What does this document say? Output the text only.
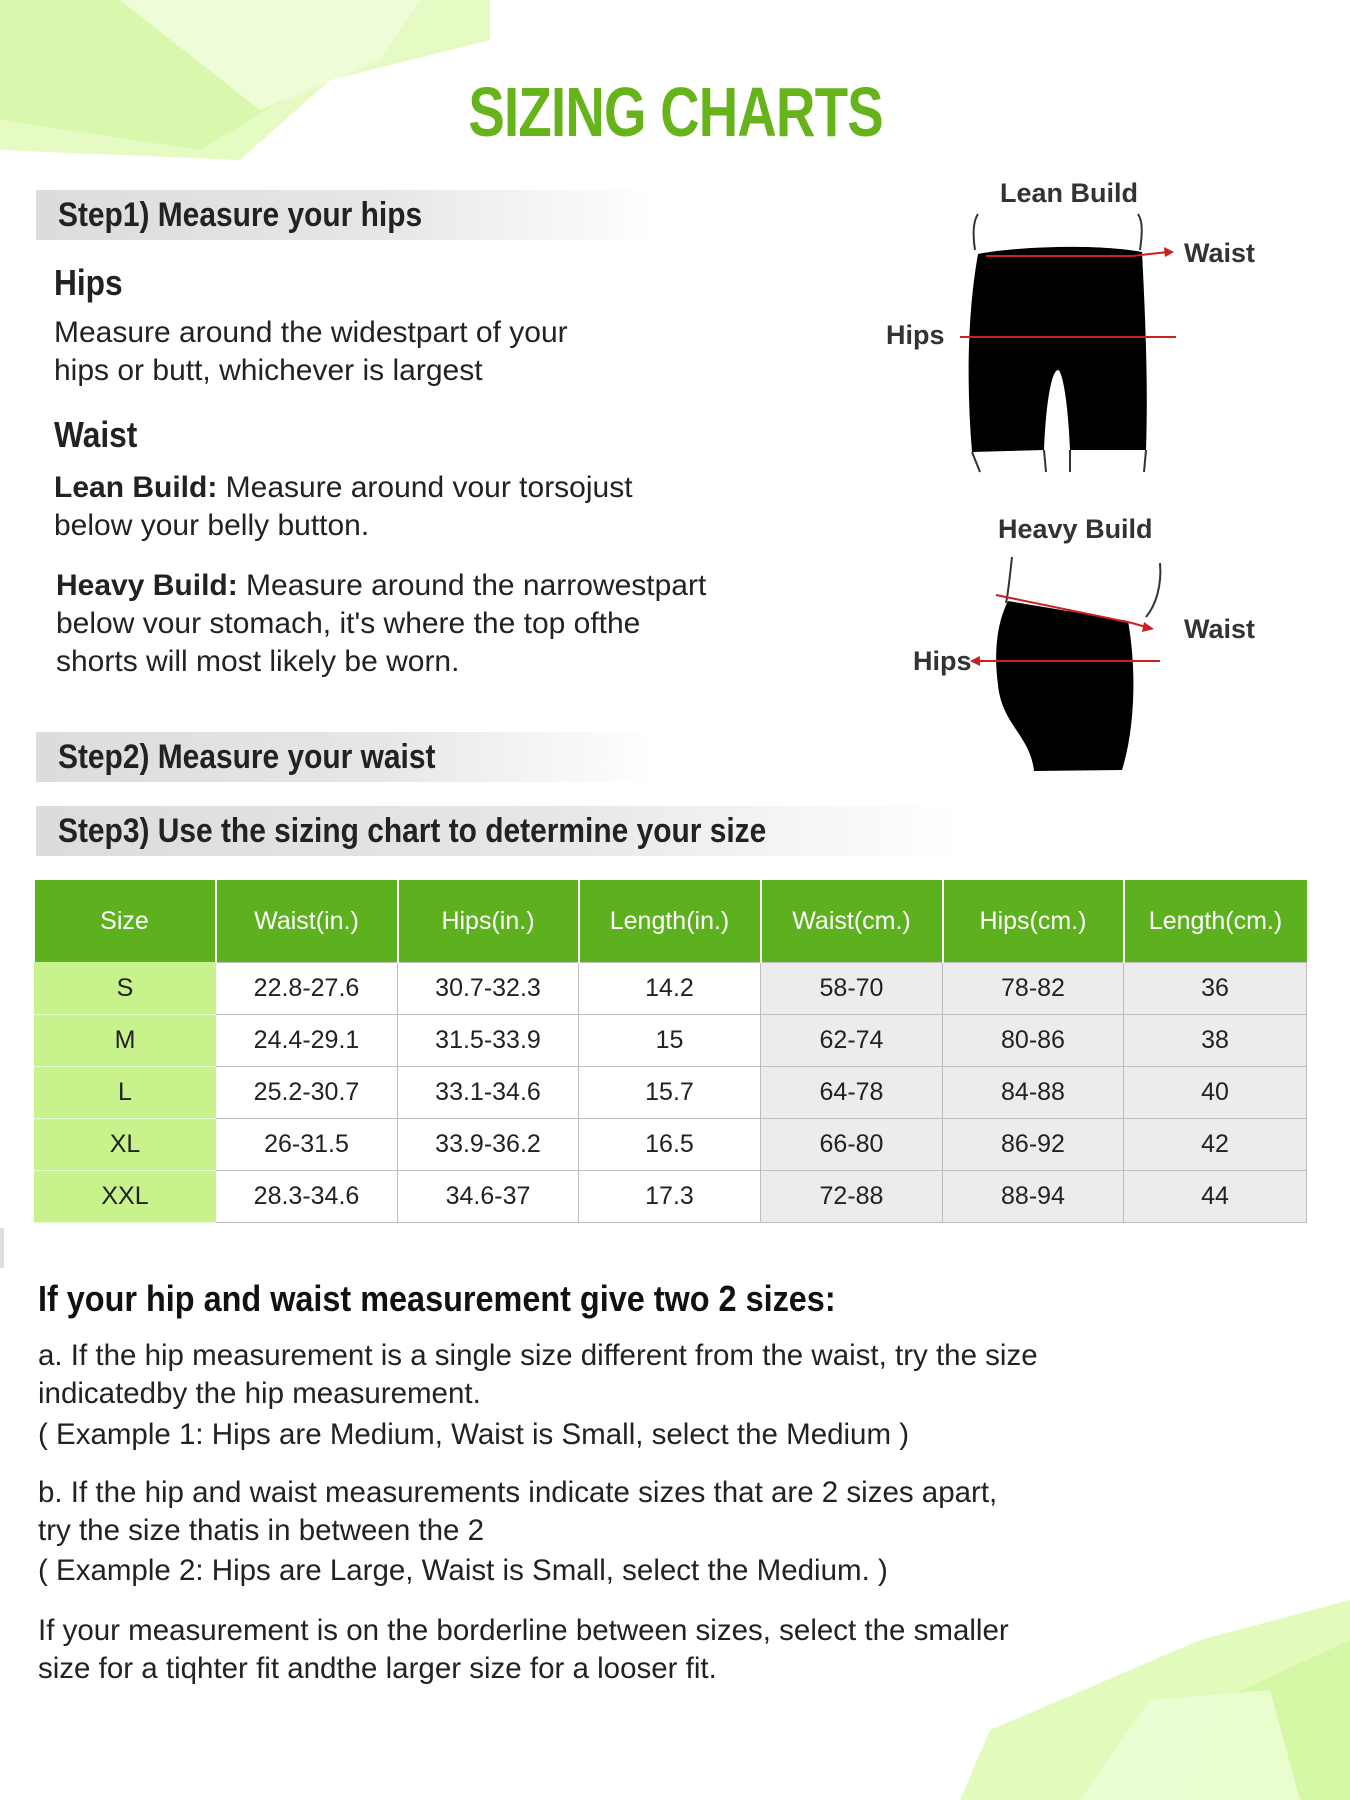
SIZING CHARTS
Step1) Measure your hips
Hips
Measure around the widestpart of your
hips or butt, whichever is largest
Waist
Lean Build: Measure around vour torsojust
below your belly button.
Heavy Build: Measure around the narrowestpart
below vour stomach, it's where the top ofthe
shorts will most likely be worn.
Step2) Measure your waist
Step3) Use the sizing chart to determine your size
Lean Build
Waist
Hips
Heavy Build
Waist
Hips
Size	Waist(in.)	Hips(in.)	Length(in.)	Waist(cm.)	Hips(cm.)	Length(cm.)
S	22.8-27.6	30.7-32.3	14.2	58-70	78-82	36
M	24.4-29.1	31.5-33.9	15	62-74	80-86	38
L	25.2-30.7	33.1-34.6	15.7	64-78	84-88	40
XL	26-31.5	33.9-36.2	16.5	66-80	86-92	42
XXL	28.3-34.6	34.6-37	17.3	72-88	88-94	44
If your hip and waist measurement give two 2 sizes:
a. If the hip measurement is a single size different from the waist, try the size
indicatedby the hip measurement.
( Example 1: Hips are Medium, Waist is Small, select the Medium )
b. If the hip and waist measurements indicate sizes that are 2 sizes apart,
try the size thatis in between the 2
( Example 2: Hips are Large, Waist is Small, select the Medium. )
If your measurement is on the borderline between sizes, select the smaller
size for a tiqhter fit andthe larger size for a looser fit.
